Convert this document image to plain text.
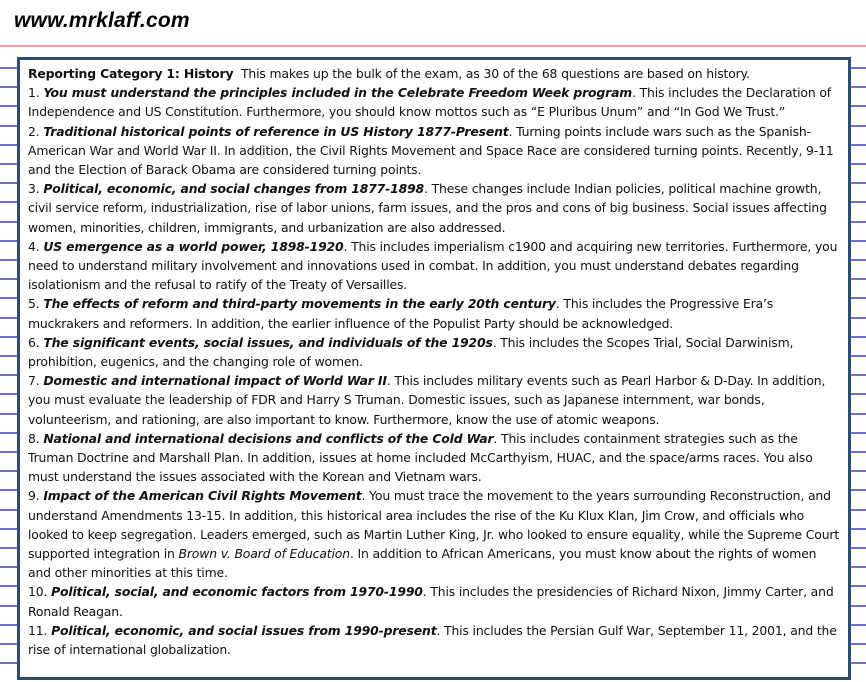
www.mrklaff.com

Reporting Category 1: History This makes up the bulk of the exam, as 30 of the 68 questions are based on history.

1. You must understand the principles included in the Celebrate Freedom Week program. This includes the Declaration of Independence and US Constitution. Furthermore, you should know mottos such as “E Pluribus Unum” and “In God We Trust.”

2. Traditional historical points of reference in US History 1877-Present. Turning points include wars such as the Spanish-American War and World War II. In addition, the Civil Rights Movement and Space Race are considered turning points. Recently, 9-11 and the Election of Barack Obama are considered turning points.

3. Political, economic, and social changes from 1877-1898. These changes include Indian policies, political machine growth, civil service reform, industrialization, rise of labor unions, farm issues, and the pros and cons of big business. Social issues affecting women, minorities, children, immigrants, and urbanization are also addressed.

4. US emergence as a world power, 1898-1920. This includes imperialism c1900 and acquiring new territories. Furthermore, you need to understand military involvement and innovations used in combat. In addition, you must understand debates regarding isolationism and the refusal to ratify of the Treaty of Versailles.

5. The effects of reform and third-party movements in the early 20th century. This includes the Progressive Era’s muckrakers and reformers. In addition, the earlier influence of the Populist Party should be acknowledged.

6. The significant events, social issues, and individuals of the 1920s. This includes the Scopes Trial, Social Darwinism, prohibition, eugenics, and the changing role of women.

7. Domestic and international impact of World War II. This includes military events such as Pearl Harbor & D-Day. In addition, you must evaluate the leadership of FDR and Harry S Truman. Domestic issues, such as Japanese internment, war bonds, volunteerism, and rationing, are also important to know. Furthermore, know the use of atomic weapons.

8. National and international decisions and conflicts of the Cold War. This includes containment strategies such as the Truman Doctrine and Marshall Plan. In addition, issues at home included McCarthyism, HUAC, and the space/arms races. You also must understand the issues associated with the Korean and Vietnam wars.

9. Impact of the American Civil Rights Movement. You must trace the movement to the years surrounding Reconstruction, and understand Amendments 13-15. In addition, this historical area includes the rise of the Ku Klux Klan, Jim Crow, and officials who looked to keep segregation. Leaders emerged, such as Martin Luther King, Jr. who looked to ensure equality, while the Supreme Court supported integration in Brown v. Board of Education. In addition to African Americans, you must know about the rights of women and other minorities at this time.

10. Political, social, and economic factors from 1970-1990. This includes the presidencies of Richard Nixon, Jimmy Carter, and Ronald Reagan.

11. Political, economic, and social issues from 1990-present. This includes the Persian Gulf War, September 11, 2001, and the rise of international globalization.
